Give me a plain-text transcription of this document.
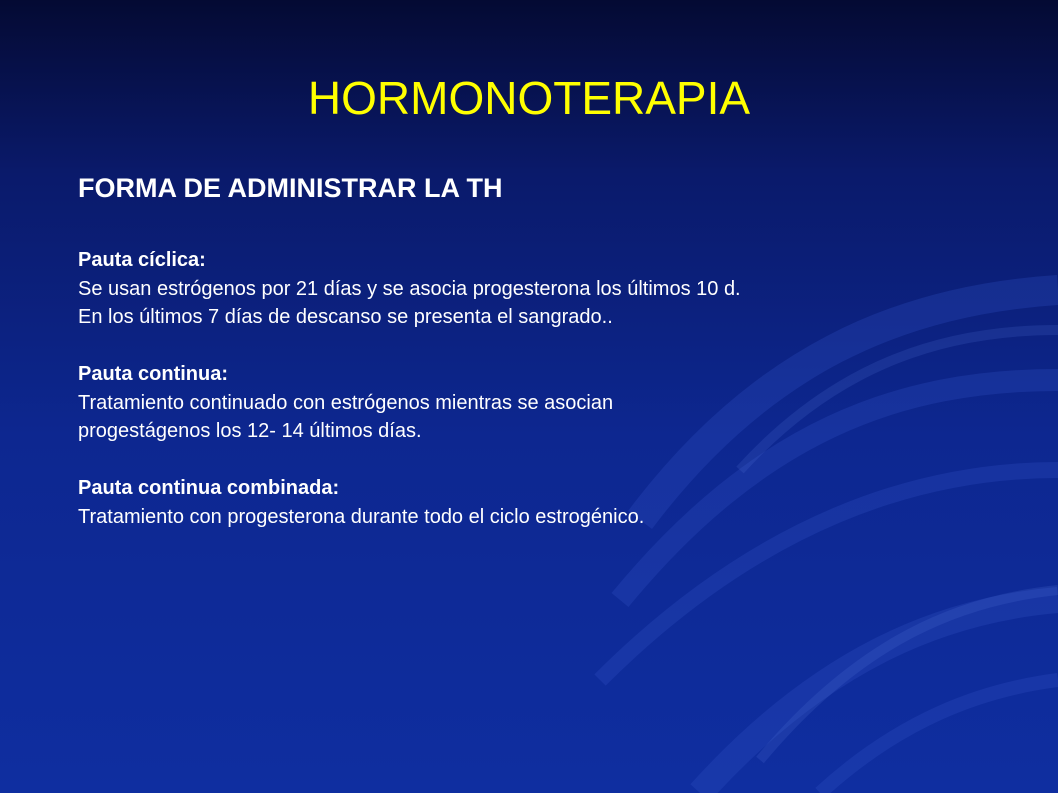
HORMONOTERAPIA
FORMA DE ADMINISTRAR LA TH
Pauta cíclica:
Se usan estrógenos por 21 días y se asocia progesterona los últimos 10 d.
En los últimos 7 días de descanso se presenta el sangrado..
Pauta continua:
Tratamiento continuado con estrógenos mientras se asocian
progestágenos los 12- 14 últimos días.
Pauta continua combinada:
Tratamiento con progesterona durante todo el ciclo estrogénico.
